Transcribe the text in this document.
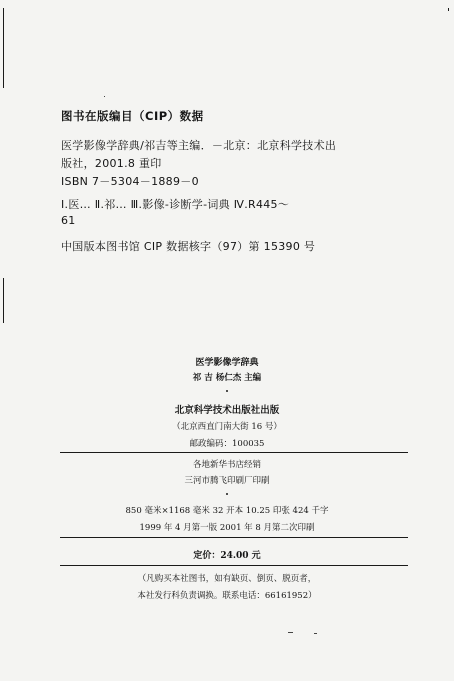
图书在版编目（CIP）数据
医学影像学辞典/祁吉等主编．－北京：北京科学技术出
版社，2001.8 重印
ISBN 7－5304－1889－0
Ⅰ.医… Ⅱ.祁… Ⅲ.影像-诊断学-词典 Ⅳ.R445～
61
中国版本图书馆 CIP 数据核字（97）第 15390 号
医学影像学辞典
祁 吉 杨仁杰 主编
北京科学技术出版社出版
（北京西直门南大街 16 号）
邮政编码：100035
各地新华书店经销
三河市腾飞印刷厂印刷
850 毫米×1168 毫米 32 开本 10.25 印张 424 千字
1999 年 4 月第一版 2001 年 8 月第二次印刷
定价：24.00 元
（凡购买本社图书，如有缺页、倒页、脱页者，
本社发行科负责调换。联系电话：66161952）
